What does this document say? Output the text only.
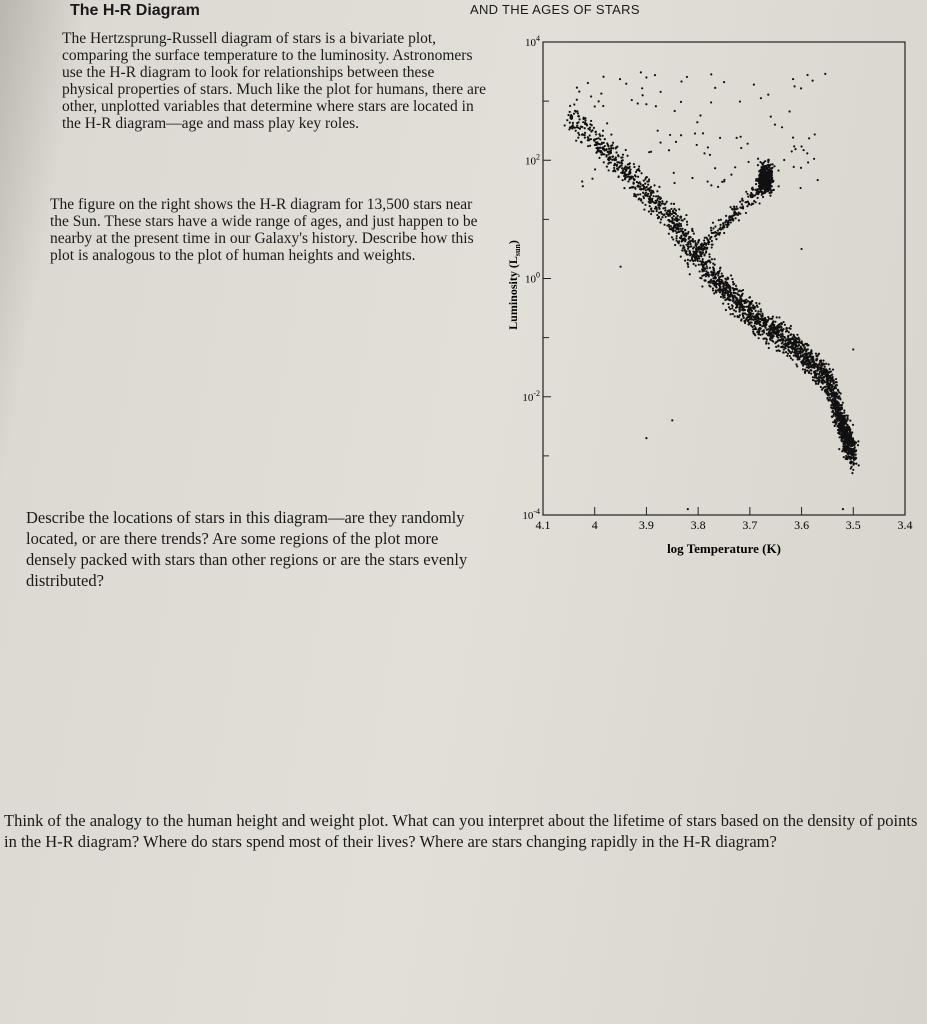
The H-R Diagram	AND THE AGES OF STARS
The Hertzsprung-Russell diagram of stars is a bivariate plot, comparing the surface temperature to the luminosity. Astronomers use the H-R diagram to look for relationships between these physical properties of stars. Much like the plot for humans, there are other, unplotted variables that determine where stars are located in the H-R diagram—age and mass play key roles.
The figure on the right shows the H-R diagram for 13,500 stars near the Sun. These stars have a wide range of ages, and just happen to be nearby at the present time in our Galaxy's history. Describe how this plot is analogous to the plot of human heights and weights.
Describe the locations of stars in this diagram—are they randomly located, or are there trends? Are some regions of the plot more densely packed with stars than other regions or are the stars evenly distributed?
Think of the analogy to the human height and weight plot. What can you interpret about the lifetime of stars based on the density of points in the H-R diagram? Where do stars spend most of their lives? Where are stars changing rapidly in the H-R diagram?
4.1	4	3.9	3.8	3.7	3.6	3.5	3.4
$10^4$
$10^2$
$10^0$
$10^{-2}$
$10^{-4}$
log Temperature (K)
Luminosity $(L_{sun})$
